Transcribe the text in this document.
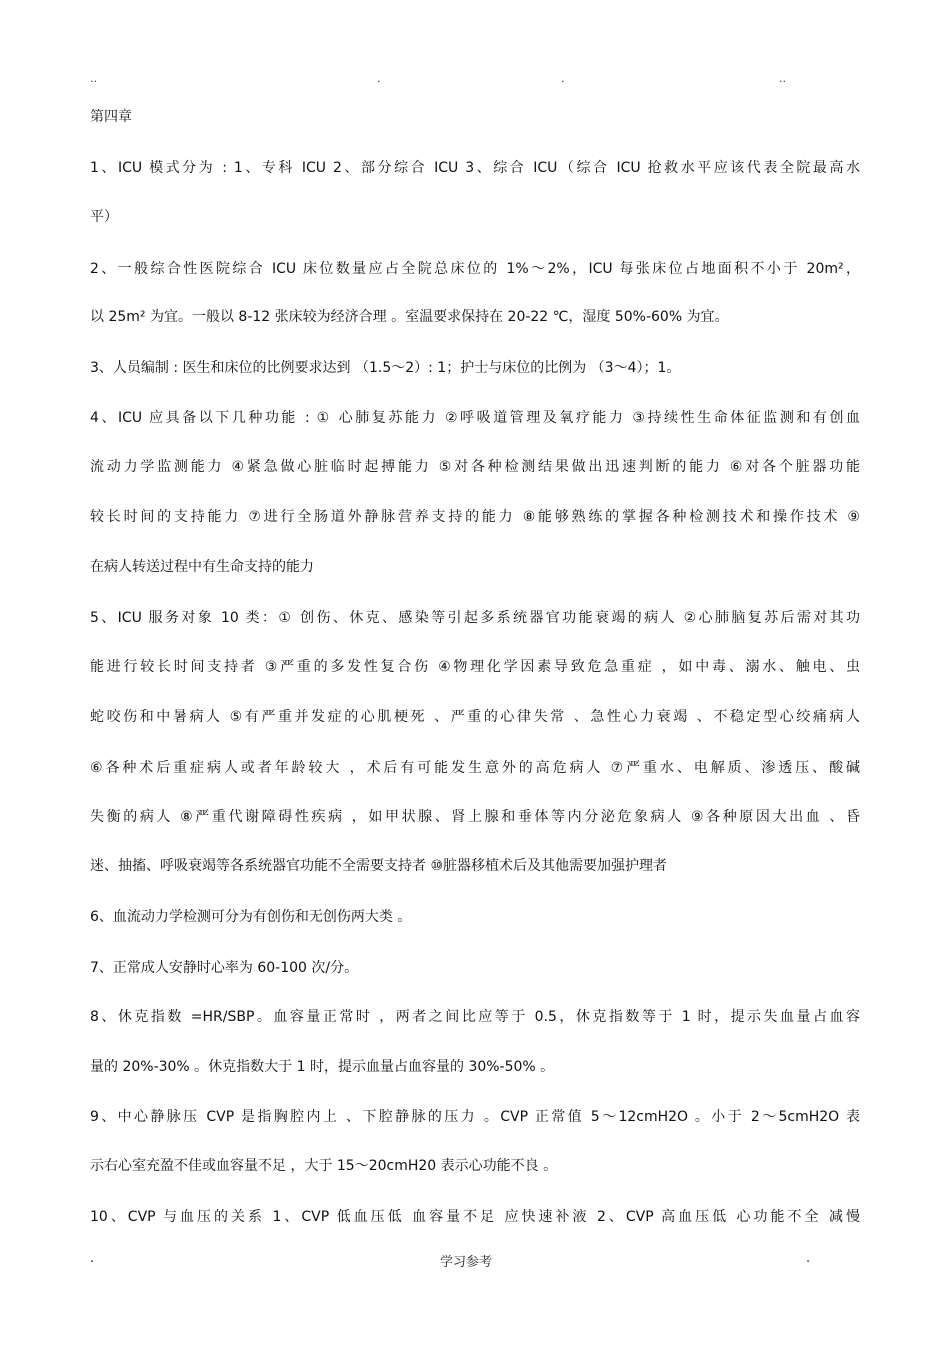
..	.	.	..
第四章
1、ICU 模式分为 : 1、专科 ICU 2、部分综合 ICU 3、综合 ICU（综合 ICU 抢救水平应该代表全院最高水
平）
2、一般综合性医院综合 ICU 床位数量应占全院总床位的 1%～2%，ICU 每张床位占地面积不小于 20m²，
以 25m² 为宜。一般以 8-12 张床较为经济合理 。室温要求保持在 20-22 ℃，湿度 50%-60% 为宜。
3、人员编制 : 医生和床位的比例要求达到 （1.5～2）: 1；护士与床位的比例为 （3～4）；1。
4、ICU 应具备以下几种功能 : ① 心肺复苏能力 ②呼吸道管理及氧疗能力 ③持续性生命体征监测和有创血
流动力学监测能力 ④紧急做心脏临时起搏能力 ⑤对各种检测结果做出迅速判断的能力 ⑥对各个脏器功能
较长时间的支持能力 ⑦进行全肠道外静脉营养支持的能力 ⑧能够熟练的掌握各种检测技术和操作技术 ⑨
在病人转送过程中有生命支持的能力
5、ICU 服务对象 10 类：① 创伤、休克、感染等引起多系统器官功能衰竭的病人 ②心肺脑复苏后需对其功
能进行较长时间支持者 ③严重的多发性复合伤 ④物理化学因素导致危急重症 ，如中毒、溺水、触电、虫
蛇咬伤和中暑病人 ⑤有严重并发症的心肌梗死 、严重的心律失常 、急性心力衰竭 、不稳定型心绞痛病人
⑥各种术后重症病人或者年龄较大 ，术后有可能发生意外的高危病人 ⑦严重水、电解质、渗透压、酸碱
失衡的病人 ⑧严重代谢障碍性疾病 ，如甲状腺、肾上腺和垂体等内分泌危象病人 ⑨各种原因大出血 、昏
迷、抽搐、呼吸衰竭等各系统器官功能不全需要支持者 ⑩脏器移植术后及其他需要加强护理者
6、血流动力学检测可分为有创伤和无创伤两大类 。
7、正常成人安静时心率为 60-100 次/分。
8、休克指数 =HR/SBP。血容量正常时 ，两者之间比应等于 0.5，休克指数等于 1 时，提示失血量占血容
量的 20%-30% 。休克指数大于 1 时，提示血量占血容量的 30%-50% 。
9、中心静脉压 CVP 是指胸腔内上 、下腔静脉的压力 。CVP 正常值 5～12cmH2O 。小于 2～5cmH2O 表
示右心室充盈不佳或血容量不足 ，大于 15～20cmH20 表示心功能不良 。
10、CVP 与血压的关系 1、CVP 低血压低 血容量不足 应快速补液 2、CVP 高血压低 心功能不全 减慢
.	学习参考	.
